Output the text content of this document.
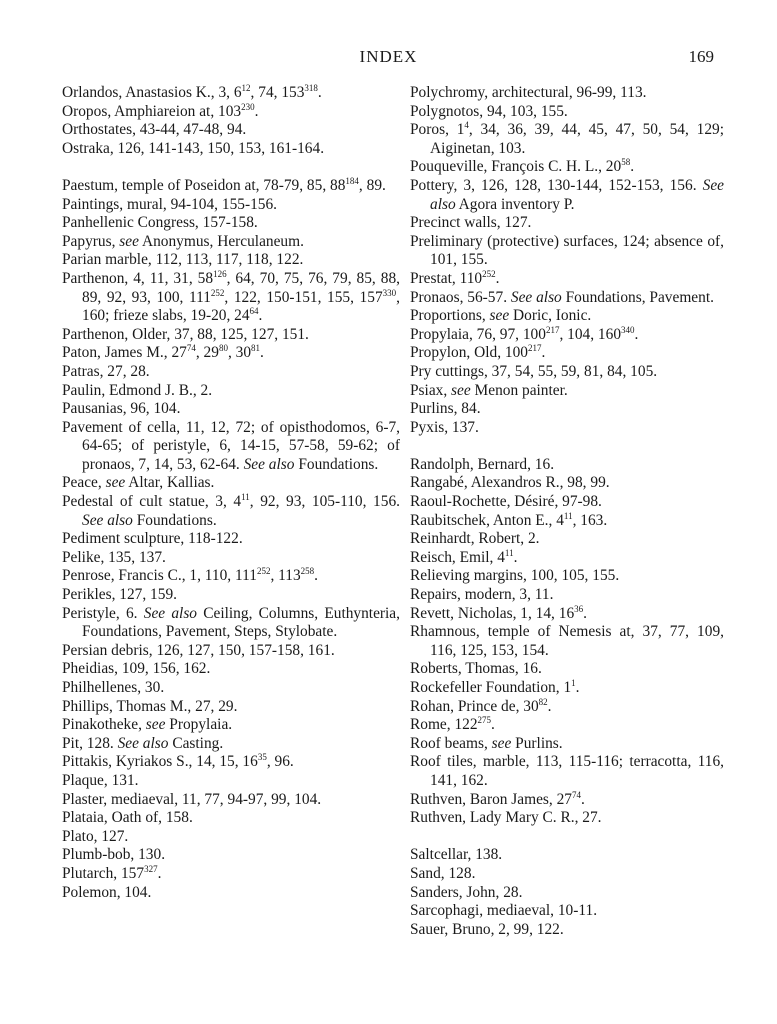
INDEX	169

Orlandos, Anastasios K., 3, $6^{12}$, 74, $153^{318}$.

Oropos, Amphiareion at, $103^{230}$.

Orthostates, 43-44, 47-48, 94.

Ostraka, 126, 141-143, 150, 153, 161-164.

Paestum, temple of Poseidon at, 78-79, 85, $88^{184}$, 89.

Paintings, mural, 94-104, 155-156.

Panhellenic Congress, 157-158.

Papyrus, see Anonymus, Herculaneum.

Parian marble, 112, 113, 117, 118, 122.

Parthenon, 4, 11, 31, $58^{126}$, 64, 70, 75, 76, 79, 85, 88, 89, 92, 93, 100, $111^{252}$, 122, 150-151, 155, $157^{330}$, 160; frieze slabs, 19-20, $24^{64}$.

Parthenon, Older, 37, 88, 125, 127, 151.

Paton, James M., $27^{74}$, $29^{80}$, $30^{81}$.

Patras, 27, 28.

Paulin, Edmond J. B., 2.

Pausanias, 96, 104.

Pavement of cella, 11, 12, 72; of opisthodomos, 6-7, 64-65; of peristyle, 6, 14-15, 57-58, 59-62; of pronaos, 7, 14, 53, 62-64. See also Foundations.

Peace, see Altar, Kallias.

Pedestal of cult statue, 3, $4^{11}$, 92, 93, 105-110, 156. See also Foundations.

Pediment sculpture, 118-122.

Pelike, 135, 137.

Penrose, Francis C., 1, 110, $111^{252}$, $113^{258}$.

Perikles, 127, 159.

Peristyle, 6. See also Ceiling, Columns, Euthynteria, Foundations, Pavement, Steps, Stylobate.

Persian debris, 126, 127, 150, 157-158, 161.

Pheidias, 109, 156, 162.

Philhellenes, 30.

Phillips, Thomas M., 27, 29.

Pinakotheke, see Propylaia.

Pit, 128. See also Casting.

Pittakis, Kyriakos S., 14, 15, $16^{35}$, 96.

Plaque, 131.

Plaster, mediaeval, 11, 77, 94-97, 99, 104.

Plataia, Oath of, 158.

Plato, 127.

Plumb-bob, 130.

Plutarch, $157^{327}$.

Polemon, 104.

Polychromy, architectural, 96-99, 113.

Polygnotos, 94, 103, 155.

Poros, $1^4$, 34, 36, 39, 44, 45, 47, 50, 54, 129; Aiginetan, 103.

Pouqueville, François C. H. L., $20^{58}$.

Pottery, 3, 126, 128, 130-144, 152-153, 156. See also Agora inventory P.

Precinct walls, 127.

Preliminary (protective) surfaces, 124; absence of, 101, 155.

Prestat, $110^{252}$.

Pronaos, 56-57. See also Foundations, Pavement.

Proportions, see Doric, Ionic.

Propylaia, 76, 97, $100^{217}$, 104, $160^{340}$.

Propylon, Old, $100^{217}$.

Pry cuttings, 37, 54, 55, 59, 81, 84, 105.

Psiax, see Menon painter.

Purlins, 84.

Pyxis, 137.

Randolph, Bernard, 16.

Rangabé, Alexandros R., 98, 99.

Raoul-Rochette, Désiré, 97-98.

Raubitschek, Anton E., $4^{11}$, 163.

Reinhardt, Robert, 2.

Reisch, Emil, $4^{11}$.

Relieving margins, 100, 105, 155.

Repairs, modern, 3, 11.

Revett, Nicholas, 1, 14, $16^{36}$.

Rhamnous, temple of Nemesis at, 37, 77, 109, 116, 125, 153, 154.

Roberts, Thomas, 16.

Rockefeller Foundation, $1^1$.

Rohan, Prince de, $30^{82}$.

Rome, $122^{275}$.

Roof beams, see Purlins.

Roof tiles, marble, 113, 115-116; terracotta, 116, 141, 162.

Ruthven, Baron James, $27^{74}$.

Ruthven, Lady Mary C. R., 27.

Saltcellar, 138.

Sand, 128.

Sanders, John, 28.

Sarcophagi, mediaeval, 10-11.

Sauer, Bruno, 2, 99, 122.
